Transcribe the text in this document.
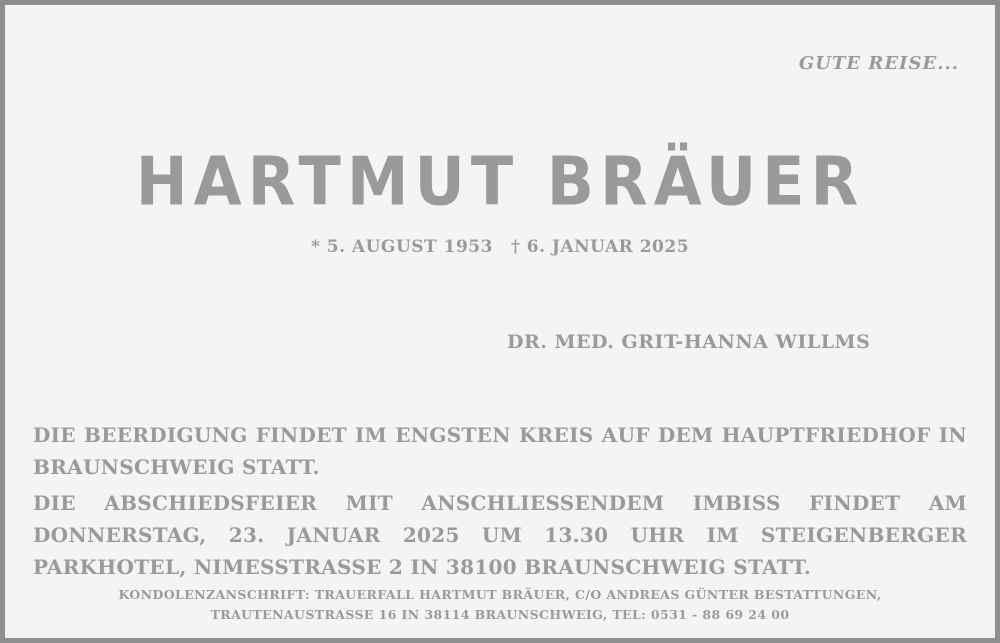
GUTE REISE...
HARTMUT BRÄUER
* 5. AUGUST 1953 † 6. JANUAR 2025
DR. MED. GRIT-HANNA WILLMS
DIE BEERDIGUNG FINDET IM ENGSTEN KREIS AUF DEM HAUPTFRIEDHOF IN BRAUNSCHWEIG STATT.
DIE ABSCHIEDSFEIER MIT ANSCHLIESSENDEM IMBISS FINDET AM DONNERSTAG, 23. JANUAR 2025 UM 13.30 UHR IM STEIGENBERGER PARKHOTEL, NIMESSTRASSE 2 IN 38100 BRAUNSCHWEIG STATT.
KONDOLENZANSCHRIFT: TRAUERFALL HARTMUT BRÄUER, C/O ANDREAS GÜNTER BESTATTUNGEN,
TRAUTENAUSTRASSE 16 IN 38114 BRAUNSCHWEIG, TEL: 0531 - 88 69 24 00
